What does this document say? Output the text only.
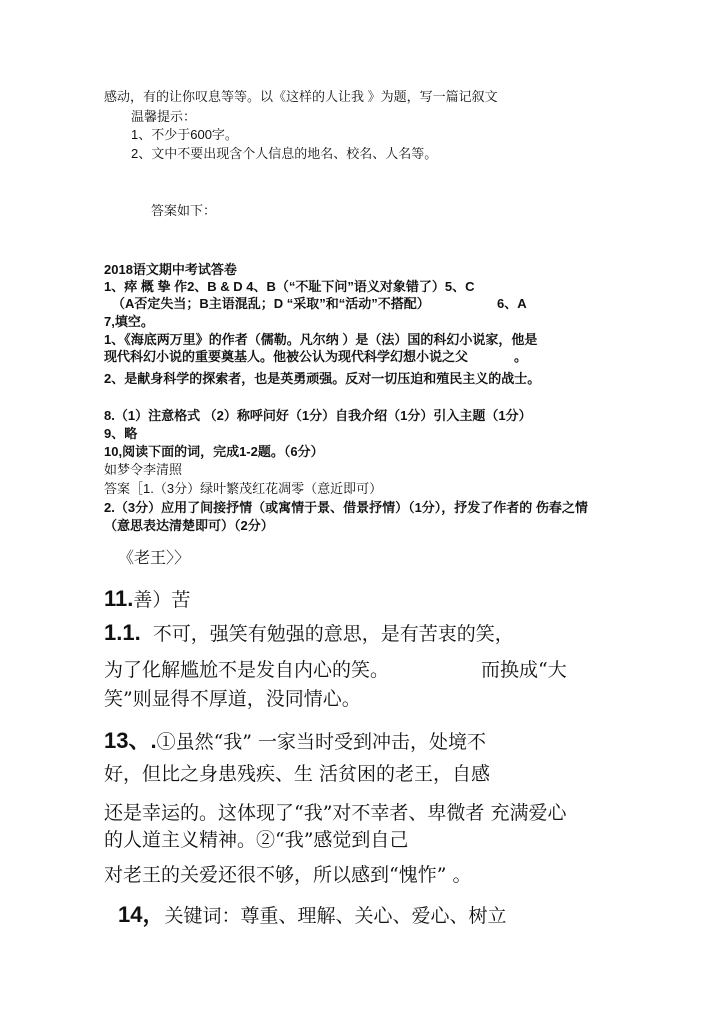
感动，有的让你叹息等等。以《这样的人让我 》为题，写一篇记叙文
温馨提示：
1、不少于600字。
2、文中不要出现含个人信息的地名、校名、人名等。
答案如下：
2018语文期中考试答卷
1、瘁 概 挚 作2、B & D 4、B（“不耻下问”语义对象错了）5、C
（A否定失当；B主语混乱；D “采取”和“活动”不搭配）	6、A
7,填空。
1、《海底两万里》的作者（儒勒。凡尔纳 ）是（法）国的科幻小说家，他是
现代科幻小说的重要奠基人。他被公认为现代科学幻想小说之父	。
2、是献身科学的探索者，也是英勇顽强。反对一切压迫和殖民主义的战士。
8.（1）注意格式 （2）称呼问好（1分）自我介绍（1分）引入主题（1分）
9、略
10,阅读下面的词，完成1-2题。（6分）
如梦令李清照
答案［1.（3分）绿叶繁茂红花凋零（意近即可）
2.（3分）应用了间接抒情（或寓情于景、借景抒情）（1分），抒发了作者的 伤春之情
（意思表达清楚即可）（2分）
《老王〉〉
11.善）苦
1.1. 不可，强笑有勉强的意思，是有苦衷的笑，
为了化解尴尬不是发自内心的笑。	而换成“大
笑”则显得不厚道，没同情心。
13、.①虽然“我” 一家当时受到冲击，处境不
好，但比之身患残疾、生 活贫困的老王，自感
还是幸运的。这体现了“我”对不幸者、卑微者 充满爱心
的人道主义精神。②“我”感觉到自己
对老王的关爱还很不够，所以感到“愧怍” 。
14，关键词：尊重、理解、关心、爱心、树立
